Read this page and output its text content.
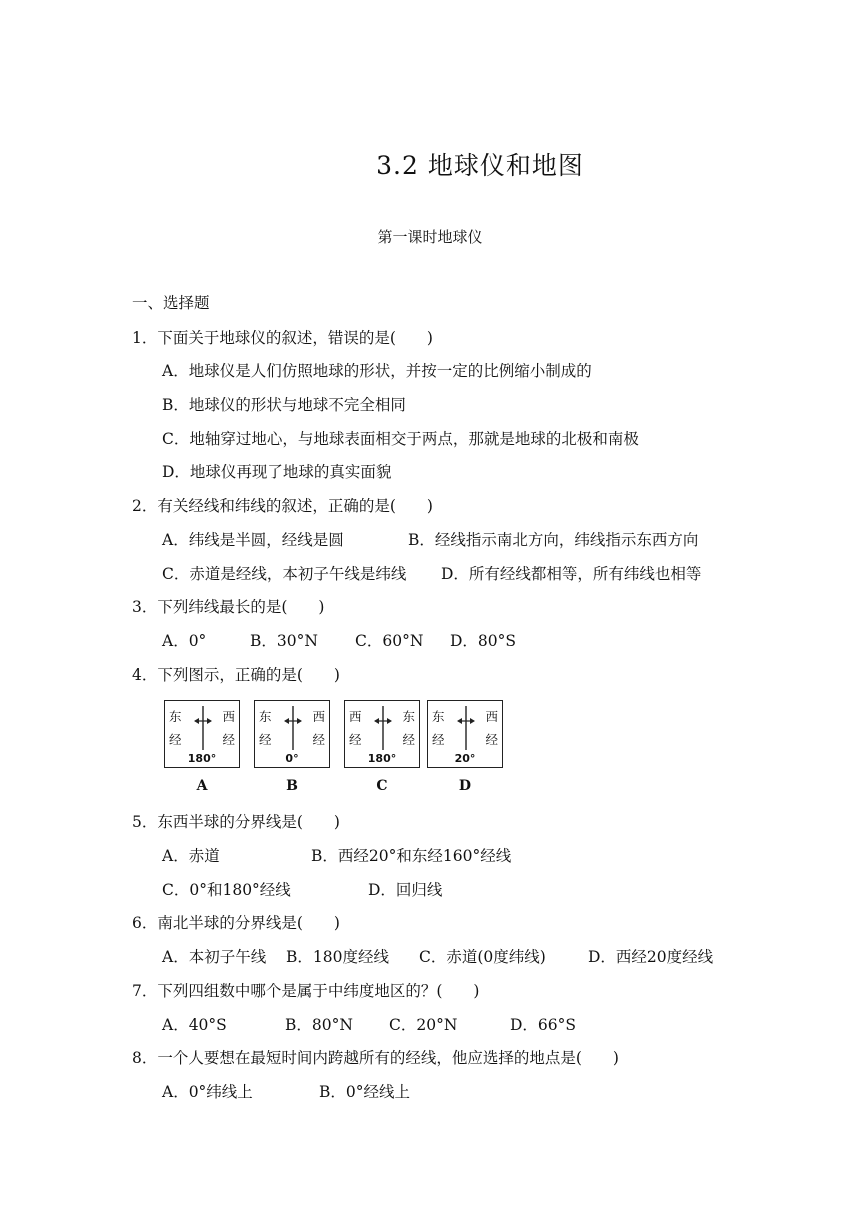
3.2 地球仪和地图
第一课时地球仪
一、选择题
1．下面关于地球仪的叙述，错误的是(　　)
A．地球仪是人们仿照地球的形状，并按一定的比例缩小制成的
B．地球仪的形状与地球不完全相同
C．地轴穿过地心，与地球表面相交于两点，那就是地球的北极和南极
D．地球仪再现了地球的真实面貌
2．有关经线和纬线的叙述，正确的是(　　)
A．纬线是半圆，经线是圆	B．经线指示南北方向，纬线指示东西方向
C．赤道是经线，本初子午线是纬线 D．所有经线都相等，所有纬线也相等
3．下列纬线最长的是(　　)
A．0°	B．30°N C．60°N D．80°S
4．下列图示，正确的是(　　)
东	西
经	经
180°
A
东	西
经	经
0°
B
西	东
经	经
180°
C
东	西
经	经
20°
D
5．东西半球的分界线是(　　)
A．赤道	B．西经20°和东经160°经线
C．0°和180°经线	D．回归线
6．南北半球的分界线是(　　)
A．本初子午线 B．180度经线 C．赤道(0度纬线)	D．西经20度经线
7．下列四组数中哪个是属于中纬度地区的？(　　)
A．40°S	B．80°N C．20°N	D．66°S
8．一个人要想在最短时间内跨越所有的经线，他应选择的地点是(　　)
A．0°纬线上	B．0°经线上
